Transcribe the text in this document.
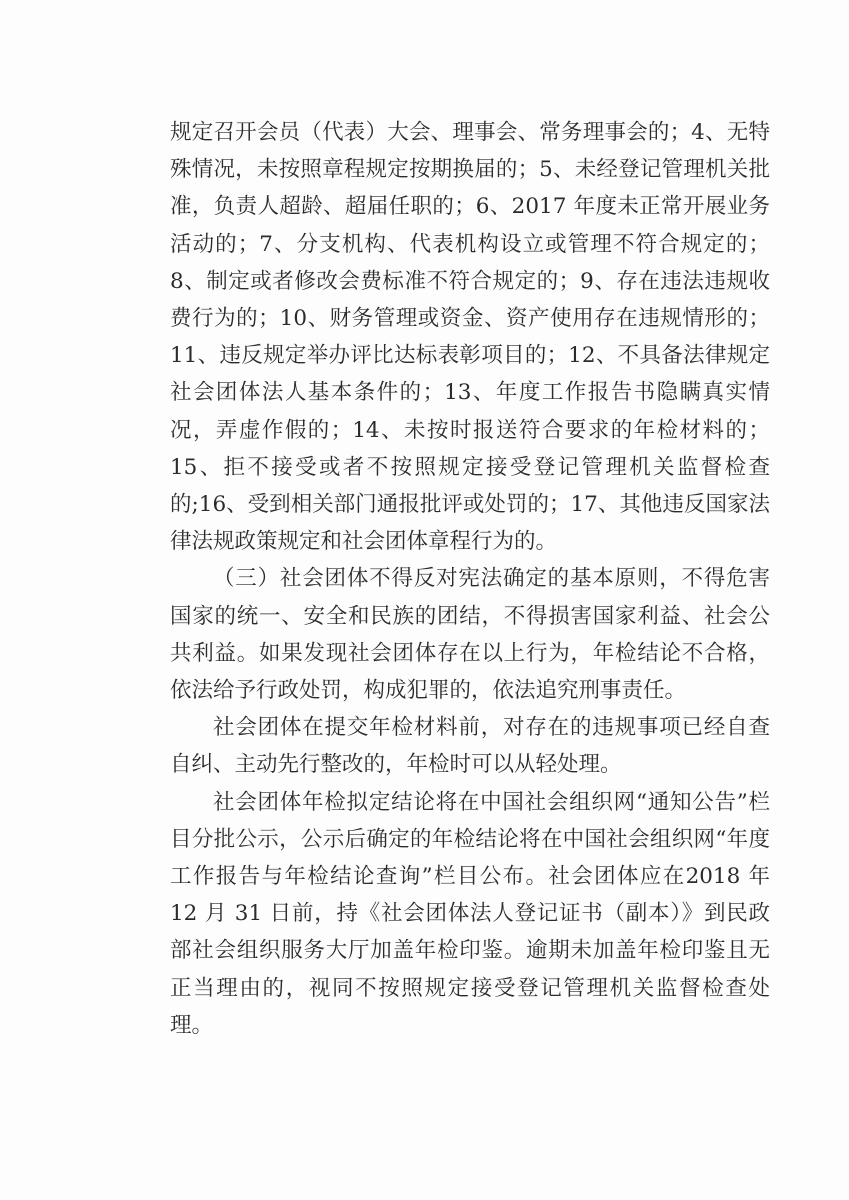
规定召开会员（代表）大会、理事会、常务理事会的；4、无特殊情况，未按照章程规定按期换届的；5、未经登记管理机关批准，负责人超龄、超届任职的；6、2017 年度未正常开展业务活动的；7、分支机构、代表机构设立或管理不符合规定的；8、制定或者修改会费标准不符合规定的；9、存在违法违规收费行为的；10、财务管理或资金、资产使用存在违规情形的；11、违反规定举办评比达标表彰项目的；12、不具备法律规定社会团体法人基本条件的；13、年度工作报告书隐瞒真实情况，弄虚作假的；14、未按时报送符合要求的年检材料的；15、拒不接受或者不按照规定接受登记管理机关监督检查的;16、受到相关部门通报批评或处罚的；17、其他违反国家法律法规政策规定和社会团体章程行为的。

（三）社会团体不得反对宪法确定的基本原则，不得危害国家的统一、安全和民族的团结，不得损害国家利益、社会公共利益。如果发现社会团体存在以上行为，年检结论不合格，依法给予行政处罚，构成犯罪的，依法追究刑事责任。

社会团体在提交年检材料前，对存在的违规事项已经自查自纠、主动先行整改的，年检时可以从轻处理。

社会团体年检拟定结论将在中国社会组织网“通知公告”栏目分批公示，公示后确定的年检结论将在中国社会组织网“年度工作报告与年检结论查询”栏目公布。社会团体应在2018 年 12 月 31 日前，持《社会团体法人登记证书（副本）》到民政部社会组织服务大厅加盖年检印鉴。逾期未加盖年检印鉴且无正当理由的，视同不按照规定接受登记管理机关监督检查处理。
